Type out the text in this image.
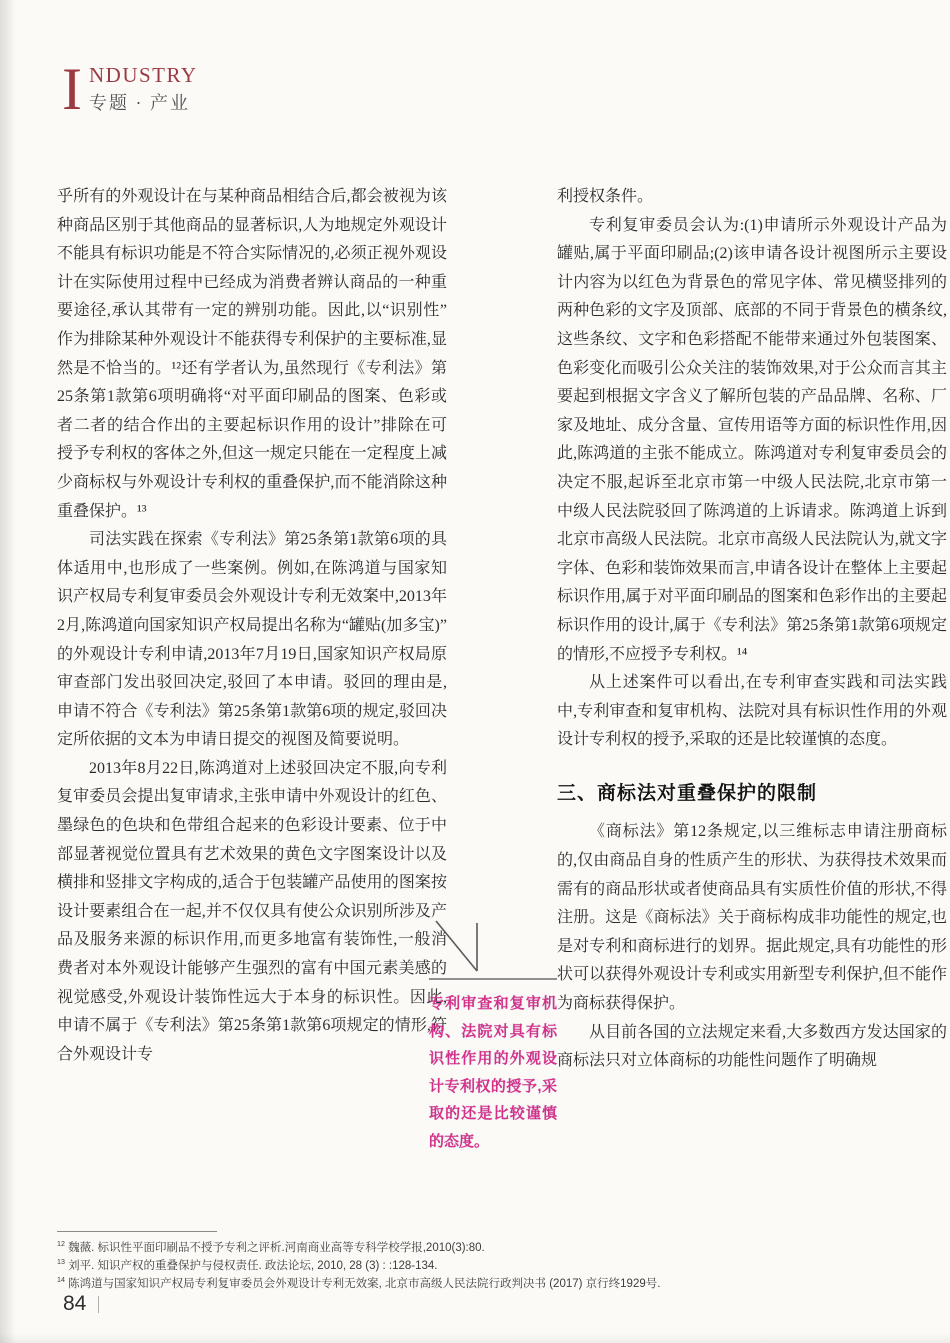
I NDUSTRY
专题 · 产业

乎所有的外观设计在与某种商品相结合后,都会被视为该种商品区别于其他商品的显著标识,人为地规定外观设计不能具有标识功能是不符合实际情况的,必须正视外观设计在实际使用过程中已经成为消费者辨认商品的一种重要途径,承认其带有一定的辨别功能。因此,以“识别性”作为排除某种外观设计不能获得专利保护的主要标准,显然是不恰当的。¹²还有学者认为,虽然现行《专利法》第25条第1款第6项明确将“对平面印刷品的图案、色彩或者二者的结合作出的主要起标识作用的设计”排除在可授予专利权的客体之外,但这一规定只能在一定程度上减少商标权与外观设计专利权的重叠保护,而不能消除这种重叠保护。¹³

司法实践在探索《专利法》第25条第1款第6项的具体适用中,也形成了一些案例。例如,在陈鸿道与国家知识产权局专利复审委员会外观设计专利无效案中,2013年2月,陈鸿道向国家知识产权局提出名称为“罐贴(加多宝)”的外观设计专利申请,2013年7月19日,国家知识产权局原审查部门发出驳回决定,驳回了本申请。驳回的理由是,申请不符合《专利法》第25条第1款第6项的规定,驳回决定所依据的文本为申请日提交的视图及简要说明。

2013年8月22日,陈鸿道对上述驳回决定不服,向专利复审委员会提出复审请求,主张申请中外观设计的红色、墨绿色的色块和色带组合起来的色彩设计要素、位于中部显著视觉位置具有艺术效果的黄色文字图案设计以及横排和竖排文字构成的,适合于包装罐产品使用的图案按设计要素组合在一起,并不仅仅具有使公众识别所涉及产品及服务来源的标识作用,而更多地富有装饰性,一般消费者对本外观设计能够产生强烈的富有中国元素美感的视觉感受,外观设计装饰性远大于本身的标识性。因此,申请不属于《专利法》第25条第1款第6项规定的情形,符合外观设计专

专利审查和复审机构、法院对具有标识性作用的外观设计专利权的授予,采取的还是比较谨慎的态度。

利授权条件。

专利复审委员会认为:(1)申请所示外观设计产品为罐贴,属于平面印刷品;(2)该申请各设计视图所示主要设计内容为以红色为背景色的常见字体、常见横竖排列的两种色彩的文字及顶部、底部的不同于背景色的横条纹,这些条纹、文字和色彩搭配不能带来通过外包装图案、色彩变化而吸引公众关注的装饰效果,对于公众而言其主要起到根据文字含义了解所包装的产品品牌、名称、厂家及地址、成分含量、宣传用语等方面的标识性作用,因此,陈鸿道的主张不能成立。陈鸿道对专利复审委员会的决定不服,起诉至北京市第一中级人民法院,北京市第一中级人民法院驳回了陈鸿道的上诉请求。陈鸿道上诉到北京市高级人民法院。北京市高级人民法院认为,就文字字体、色彩和装饰效果而言,申请各设计在整体上主要起标识作用,属于对平面印刷品的图案和色彩作出的主要起标识作用的设计,属于《专利法》第25条第1款第6项规定的情形,不应授予专利权。¹⁴

从上述案件可以看出,在专利审查实践和司法实践中,专利审查和复审机构、法院对具有标识性作用的外观设计专利权的授予,采取的还是比较谨慎的态度。

三、商标法对重叠保护的限制

《商标法》第12条规定,以三维标志申请注册商标的,仅由商品自身的性质产生的形状、为获得技术效果而需有的商品形状或者使商品具有实质性价值的形状,不得注册。这是《商标法》关于商标构成非功能性的规定,也是对专利和商标进行的划界。据此规定,具有功能性的形状可以获得外观设计专利或实用新型专利保护,但不能作为商标获得保护。

从目前各国的立法规定来看,大多数西方发达国家的商标法只对立体商标的功能性问题作了明确规

$^{12}$ 魏薇. 标识性平面印刷品不授予专利之评析.河南商业高等专科学校学报,2010(3):80.
$^{13}$ 刘平. 知识产权的重叠保护与侵权责任. 政法论坛, 2010, 28 (3) : :128-134.
$^{14}$ 陈鸿道与国家知识产权局专利复审委员会外观设计专利无效案, 北京市高级人民法院行政判决书 (2017) 京行终1929号.
84
